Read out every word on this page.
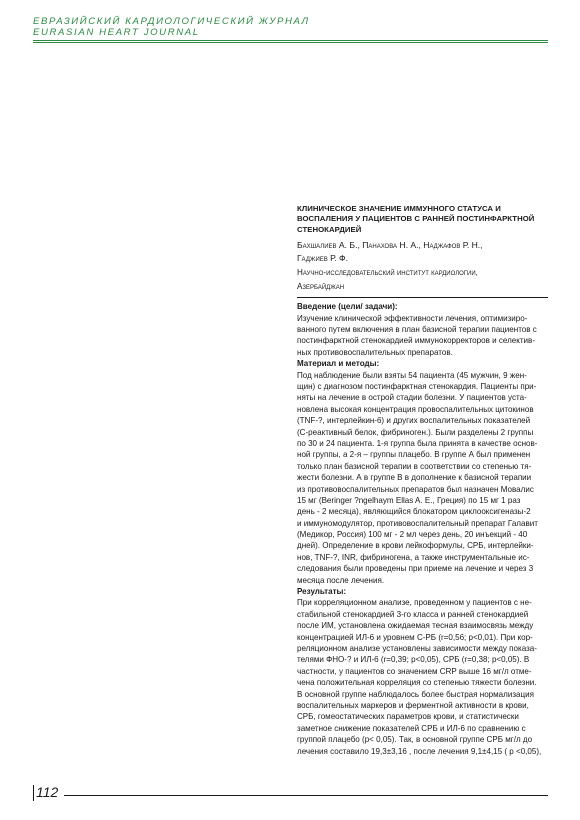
ЕВРАЗИЙСКИЙ КАРДИОЛОГИЧЕСКИЙ ЖУРНАЛ
EURASIAN HEART JOURNAL
КЛИНИЧЕСКОЕ ЗНАЧЕНИЕ ИММУННОГО СТАТУСА И
ВОСПАЛЕНИЯ У ПАЦИЕНТОВ С РАННЕЙ ПОСТИНФАРКТНОЙ
СТЕНОКАРДИЕЙ
Бахшалиев А. Б., Панахова Н. А., Наджафов Р. Н.,
Гаджиев Р. Ф.
Научно-исследовательский институт кардиологии,
Азербайджан
Введение (цели/ задачи):
Изучение клинической эффективности лечения, оптимизиро-
ванного путем включения в план базисной терапии пациентов с
постинфарктной стенокардией иммунокорректоров и селектив-
ных противовоспалительных препаратов.
Материал и методы:
Под наблюдение были взяты 54 пациента (45 мужчин, 9 жен-
щин) с диагнозом постинфарктная стенокардия. Пациенты при-
няты на лечение в острой стадии болезни. У пациентов уста-
новлена высокая концентрация провоспалительных цитокинов
(TNF-?, интерлейкин-6) и других воспалительных показателей
(С-реактивный белок, фибриноген.). Были разделены 2 группы
по 30 и 24 пациента. 1-я группа была принята в качестве основ-
ной группы, а 2-я – группы плацебо. В группе А был применен
только план базисной терапии в соответствии со степенью тя-
жести болезни. А в группе В в дополнение к базисной терапии
из противовоспалительных препаратов был назначен Мовалис
15 мг (Beringer ?ngelhaym Ellas A. E., Греция) по 15 мг 1 раз
день - 2 месяца), являющийся блокатором циклооксигеназы-2
и иммуномодулятор, противовоспалительный препарат Галавит
(Медикор, Россия) 100 мг - 2 мл через день, 20 инъекций - 40
дней). Определение в крови лейкоформулы, СРБ, интерлейки-
нов, TNF-?, INR, фибриногена, а также инструментальные ис-
следования были проведены при приеме на лечение и через 3
месяца после лечения.
Результаты:
При корреляционном анализе, проведенном у пациентов с не-
стабильной стенокардией 3-го класса и ранней стенокардией
после ИМ, установлена ожидаемая тесная взаимосвязь между
концентрацией ИЛ-6 и уровнем С-РБ (r=0,56; p<0,01). При кор-
реляционном анализе установлены зависимости между показа-
телями ФНО-? и ИЛ-6 (r=0,39; p<0,05), СРБ (r=0,38; p<0,05). В
частности, у пациентов со значением CRP выше 16 мг/л отме-
чена положительная корреляция со степенью тяжести болезни.
В основной группе наблюдалось более быстрая нормализация
воспалительных маркеров и ферментной активности в крови,
СРБ, гомеостатических параметров крови, и статистически
заметное снижение показателей СРБ и ИЛ-6 по сравнению с
группой плацебо (p< 0,05). Так, в основной группе СРБ мг/л до
лечения составило 19,3±3,16 , после лечения 9,1±4,15 ( p <0,05),
112
